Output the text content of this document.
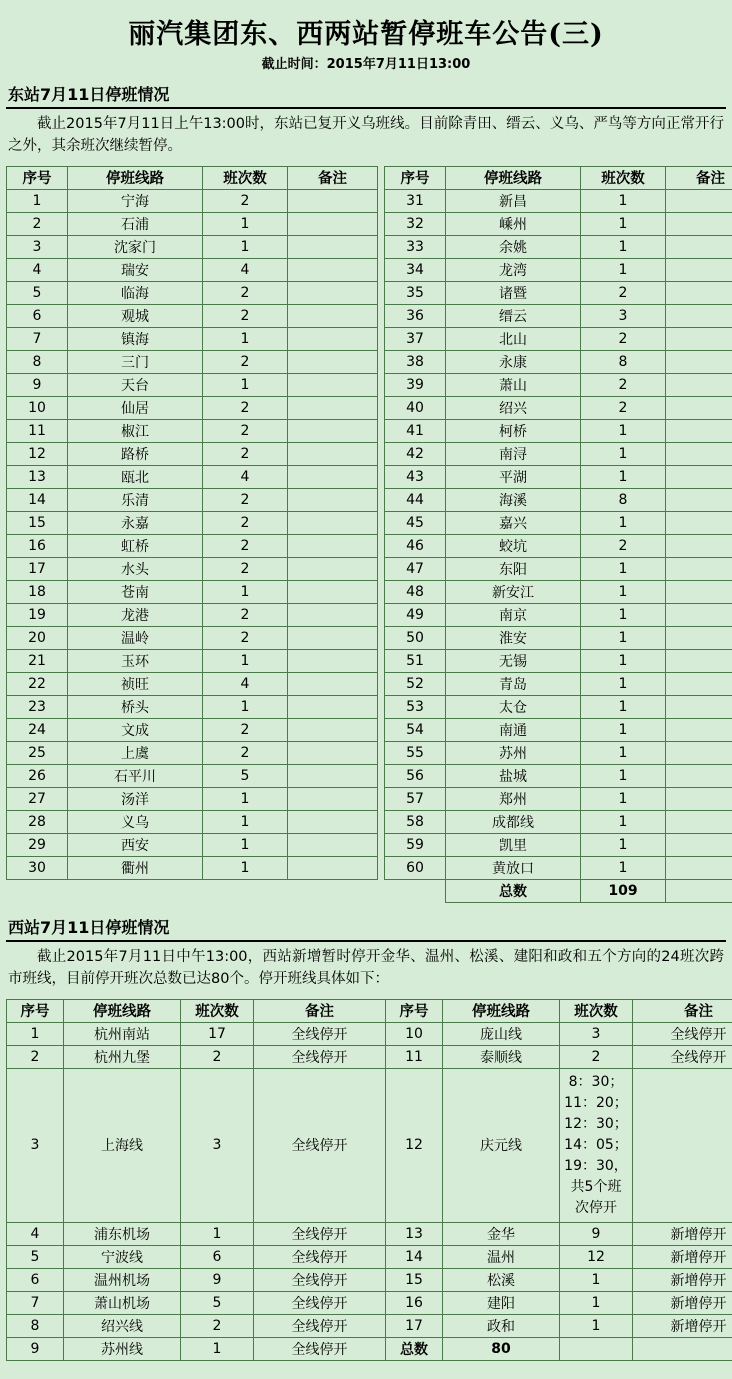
丽汽集团东、西两站暂停班车公告(三)
截止时间：2015年7月11日13:00
东站7月11日停班情况
截止2015年7月11日上午13:00时，东站已复开义乌班线。目前除青田、缙云、义乌、严鸟等方向正常开行之外，其余班次继续暂停。
序号	停班线路	班次数	备注
1	宁海	2	
2	石浦	1	
3	沈家门	1	
4	瑞安	4	
5	临海	2	
6	观城	2	
7	镇海	1	
8	三门	2	
9	天台	1	
10	仙居	2	
11	椒江	2	
12	路桥	2	
13	瓯北	4	
14	乐清	2	
15	永嘉	2	
16	虹桥	2	
17	水头	2	
18	苍南	1	
19	龙港	2	
20	温岭	2	
21	玉环	1	
22	祯旺	4	
23	桥头	1	
24	文成	2	
25	上虞	2	
26	石平川	5	
27	汤洋	1	
28	义乌	1	
29	西安	1	
30	衢州	1	
序号	停班线路	班次数	备注
31	新昌	1	
32	嵊州	1	
33	余姚	1	
34	龙湾	1	
35	诸暨	2	
36	缙云	3	
37	北山	2	
38	永康	8	
39	萧山	2	
40	绍兴	2	
41	柯桥	1	
42	南浔	1	
43	平湖	1	
44	海溪	8	
45	嘉兴	1	
46	蛟坑	2	
47	东阳	1	
48	新安江	1	
49	南京	1	
50	淮安	1	
51	无锡	1	
52	青岛	1	
53	太仓	1	
54	南通	1	
55	苏州	1	
56	盐城	1	
57	郑州	1	
58	成都线	1	
59	凯里	1	
60	黄放口	1	
	总数	109	
西站7月11日停班情况
截止2015年7月11日中午13:00，西站新增暂时停开金华、温州、松溪、建阳和政和五个方向的24班次跨市班线，目前停开班次总数已达80个。停开班线具体如下：
序号	停班线路	班次数	备注	序号	停班线路	班次数	备注
1	杭州南站	17	全线停开	10	庞山线	3	全线停开
2	杭州九堡	2	全线停开	11	泰顺线	2	全线停开
3	上海线	3	全线停开	12	庆元线	8：30；11：20；12：30；14：05；19：30，共5个班次停开	
4	浦东机场	1	全线停开	13	金华	9	新增停开
5	宁波线	6	全线停开	14	温州	12	新增停开
6	温州机场	9	全线停开	15	松溪	1	新增停开
7	萧山机场	5	全线停开	16	建阳	1	新增停开
8	绍兴线	2	全线停开	17	政和	1	新增停开
9	苏州线	1	全线停开	总数	80		
